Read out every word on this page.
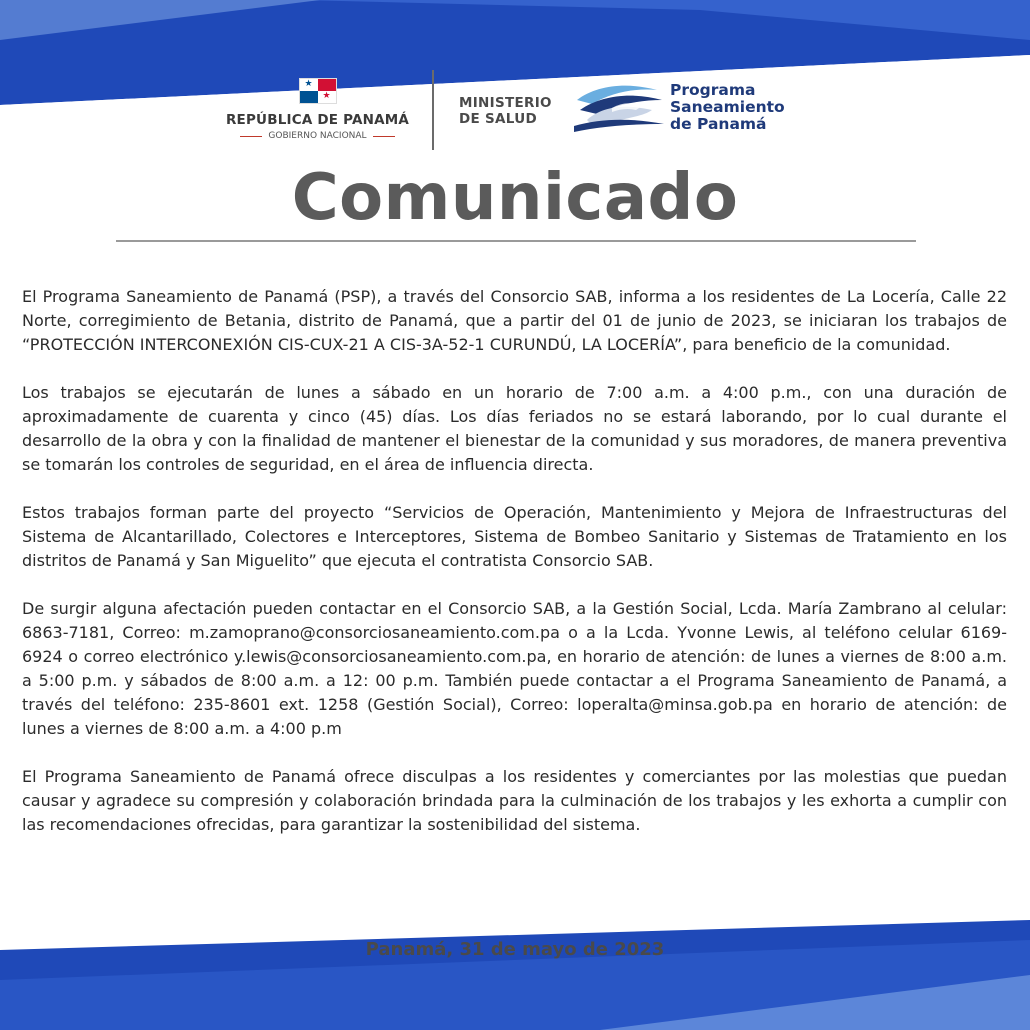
★
★
REPÚBLICA DE PANAMÁ
GOBIERNO NACIONAL
MINISTERIO
DE SALUD
Programa
Saneamiento
de Panamá
Comunicado

El Programa Saneamiento de Panamá (PSP), a través del Consorcio SAB, informa a los residentes de La Locería, Calle 22 Norte, corregimiento de Betania, distrito de Panamá, que a partir del 01 de junio de 2023, se iniciaran los trabajos de “PROTECCIÓN INTERCONEXIÓN CIS-CUX-21 A CIS-3A-52-1 CURUNDÚ, LA LOCERÍA”, para beneficio de la comunidad.

Los trabajos se ejecutarán de lunes a sábado en un horario de 7:00 a.m. a 4:00 p.m., con una duración de aproximadamente de cuarenta y cinco (45) días. Los días feriados no se estará laborando, por lo cual durante el desarrollo de la obra y con la finalidad de mantener el bienestar de la comunidad y sus moradores, de manera preventiva se tomarán los controles de seguridad, en el área de influencia directa.

Estos trabajos forman parte del proyecto “Servicios de Operación, Mantenimiento y Mejora de Infraestructuras del Sistema de Alcantarillado, Colectores e Interceptores, Sistema de Bombeo Sanitario y Sistemas de Tratamiento en los distritos de Panamá y San Miguelito” que ejecuta el contratista Consorcio SAB.

De surgir alguna afectación pueden contactar en el Consorcio SAB, a la Gestión Social, Lcda. María Zambrano al celular: 6863-7181, Correo: m.zamoprano@consorciosaneamiento.com.pa o a la Lcda. Yvonne Lewis, al teléfono celular 6169-6924 o correo electrónico y.lewis@consorciosaneamiento.com.pa, en horario de atención: de lunes a viernes de 8:00 a.m. a 5:00 p.m. y sábados de 8:00 a.m. a 12: 00 p.m. También puede contactar a el Programa Saneamiento de Panamá, a través del teléfono: 235-8601 ext. 1258 (Gestión Social), Correo: loperalta@minsa.gob.pa en horario de atención: de lunes a viernes de 8:00 a.m. a 4:00 p.m

El Programa Saneamiento de Panamá ofrece disculpas a los residentes y comerciantes por las molestias que puedan causar y agradece su compresión y colaboración brindada para la culminación de los trabajos y les exhorta a cumplir con las recomendaciones ofrecidas, para garantizar la sostenibilidad del sistema.

Panamá, 31 de mayo de 2023
